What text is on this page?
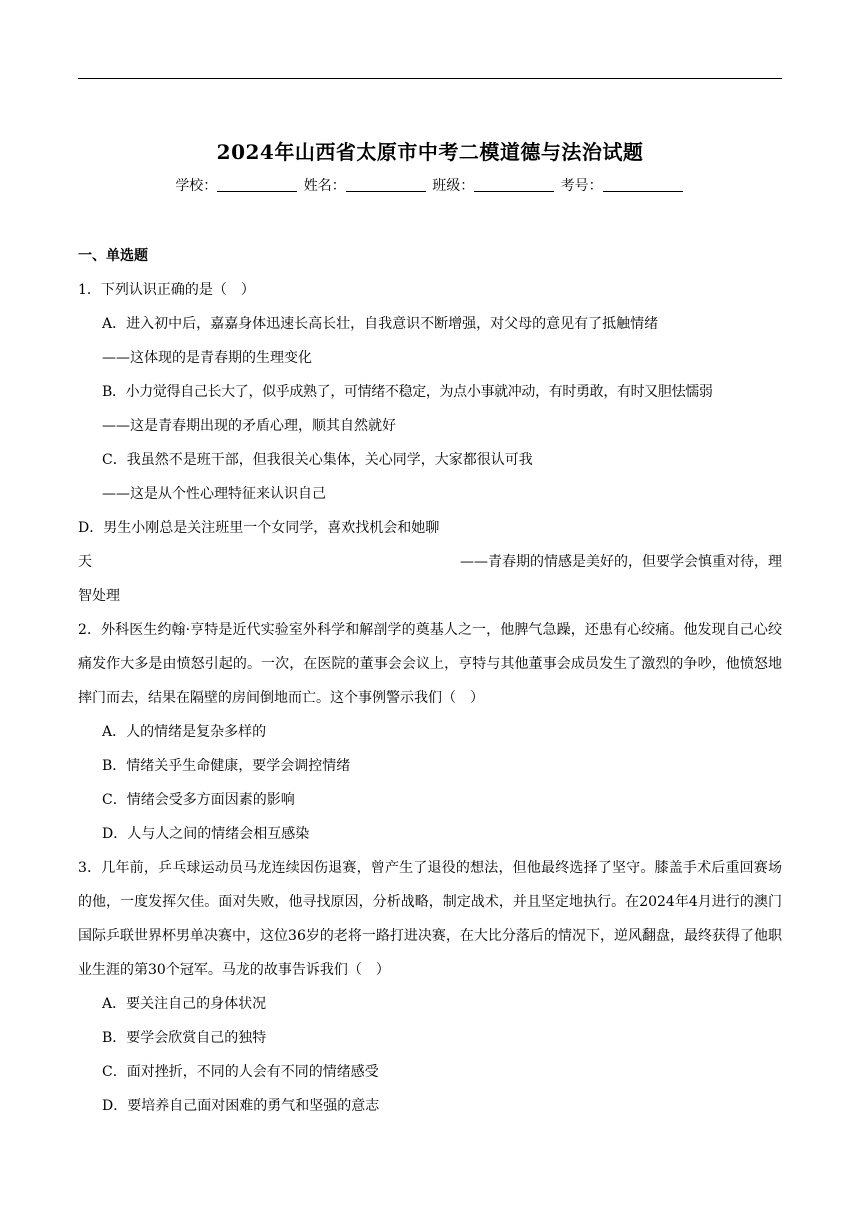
2024年山西省太原市中考二模道德与法治试题
学校：	姓名：	班级：	考号：
一、单选题
1．下列认识正确的是（　）
A．进入初中后，嘉嘉身体迅速长高长壮，自我意识不断增强，对父母的意见有了抵触情绪
——这体现的是青春期的生理变化
B．小力觉得自己长大了，似乎成熟了，可情绪不稳定，为点小事就冲动，有时勇敢，有时又胆怯懦弱
——这是青春期出现的矛盾心理，顺其自然就好
C．我虽然不是班干部，但我很关心集体，关心同学，大家都很认可我
——这是从个性心理特征来认识自己
D．男生小刚总是关注班里一个女同学，喜欢找机会和她聊
天	——青春期的情感是美好的，但要学会慎重对待，理
智处理
2．外科医生约翰·亨特是近代实验室外科学和解剖学的奠基人之一，他脾气急躁，还患有心绞痛。他发现自己心绞痛发作大多是由愤怒引起的。一次，在医院的董事会会议上，亨特与其他董事会成员发生了激烈的争吵，他愤怒地摔门而去，结果在隔壁的房间倒地而亡。这个事例警示我们（　）
A．人的情绪是复杂多样的
B．情绪关乎生命健康，要学会调控情绪
C．情绪会受多方面因素的影响
D．人与人之间的情绪会相互感染
3．几年前，乒乓球运动员马龙连续因伤退赛，曾产生了退役的想法，但他最终选择了坚守。膝盖手术后重回赛场的他，一度发挥欠佳。面对失败，他寻找原因，分析战略，制定战术，并且坚定地执行。在2024年4月进行的澳门国际乒联世界杯男单决赛中，这位36岁的老将一路打进决赛，在大比分落后的情况下，逆风翻盘，最终获得了他职业生涯的第30个冠军。马龙的故事告诉我们（　）
A．要关注自己的身体状况
B．要学会欣赏自己的独特
C．面对挫折，不同的人会有不同的情绪感受
D．要培养自己面对困难的勇气和坚强的意志
